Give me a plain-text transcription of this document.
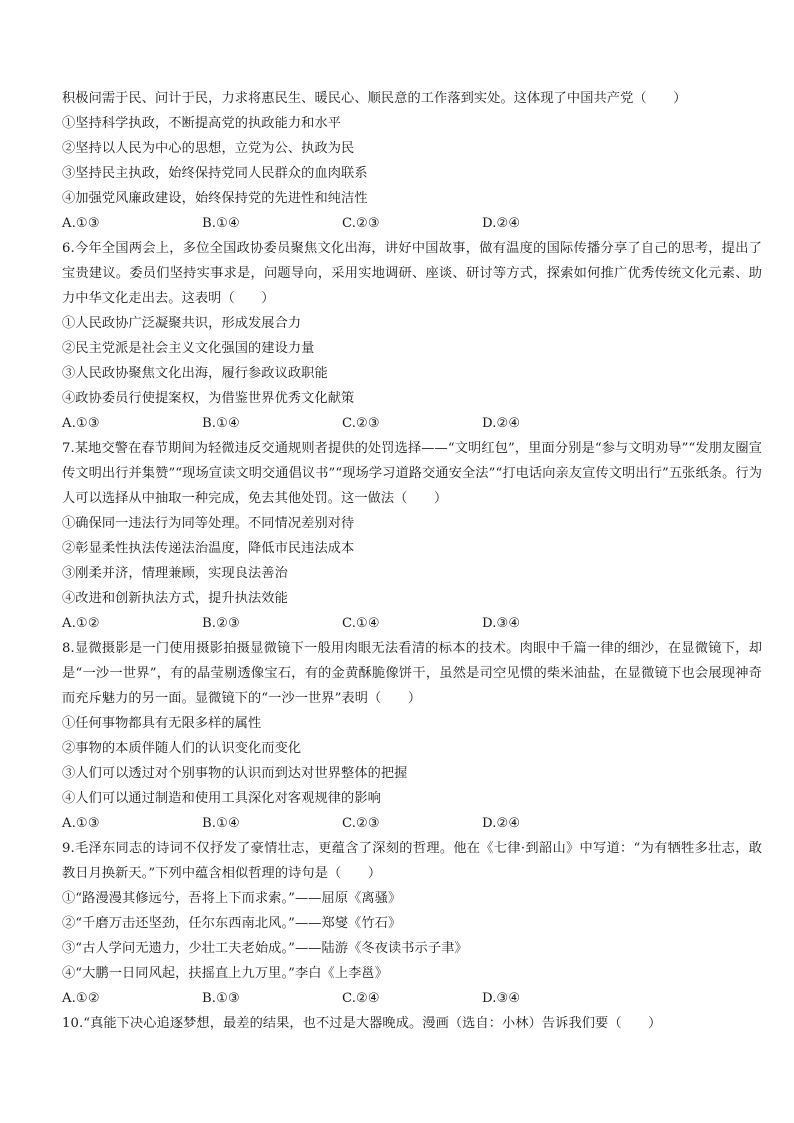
积极问需于民、问计于民，力求将惠民生、暖民心、顺民意的工作落到实处。这体现了中国共产党（　　）
①坚持科学执政，不断提高党的执政能力和水平
②坚持以人民为中心的思想，立党为公、执政为民
③坚持民主执政，始终保持党同人民群众的血肉联系
④加强党风廉政建设，始终保持党的先进性和纯洁性
A.①③	B.①④	C.②③	D.②④
6.今年全国两会上，多位全国政协委员聚焦文化出海，讲好中国故事，做有温度的国际传播分享了自己的思考，提出了宝贵建议。委员们坚持实事求是，问题导向，采用实地调研、座谈、研讨等方式，探索如何推广优秀传统文化元素、助力中华文化走出去。这表明（　　）
①人民政协广泛凝聚共识，形成发展合力
②民主党派是社会主义文化强国的建设力量
③人民政协聚焦文化出海，履行参政议政职能
④政协委员行使提案权，为借鉴世界优秀文化献策
A.①③	B.①④	C.②③	D.②④
7.某地交警在春节期间为轻微违反交通规则者提供的处罚选择——“文明红包”，里面分别是“参与文明劝导”“发朋友圈宣传文明出行并集赞”“现场宣读文明交通倡议书”“现场学习道路交通安全法”“打电话向亲友宣传文明出行”五张纸条。行为人可以选择从中抽取一种完成，免去其他处罚。这一做法（　　）
①确保同一违法行为同等处理。不同情况差别对待
②彰显柔性执法传递法治温度，降低市民违法成本
③刚柔并济，情理兼顾，实现良法善治
④改进和创新执法方式，提升执法效能
A.①②	B.②③	C.①④	D.③④
8.显微摄影是一门使用摄影拍摄显微镜下一般用肉眼无法看清的标本的技术。肉眼中千篇一律的细沙，在显微镜下，却是“一沙一世界”，有的晶莹剔透像宝石，有的金黄酥脆像饼干，虽然是司空见惯的柴米油盐，在显微镜下也会展现神奇而充斥魅力的另一面。显微镜下的“一沙一世界”表明（　　）
①任何事物都具有无限多样的属性
②事物的本质伴随人们的认识变化而变化
③人们可以透过对个别事物的认识而到达对世界整体的把握
④人们可以通过制造和使用工具深化对客观规律的影响
A.①③	B.①④	C.②③	D.②④
9.毛泽东同志的诗词不仅抒发了豪情壮志，更蕴含了深刻的哲理。他在《七律·到韶山》中写道：“为有牺牲多壮志，敢教日月换新天。”下列中蕴含相似哲理的诗句是（　　）
①“路漫漫其修远兮，吾将上下而求索。”——屈原《离骚》
②“千磨万击还坚劲，任尔东西南北风。”——郑燮《竹石》
③“古人学问无遗力，少壮工夫老始成。”——陆游《冬夜读书示子聿》
④“大鹏一日同风起，扶摇直上九万里。”李白《上李邕》
A.①②	B.①③	C.②④	D.③④
10.“真能下决心追逐梦想，最差的结果，也不过是大器晚成。漫画（选自：小林）告诉我们要（　　）
